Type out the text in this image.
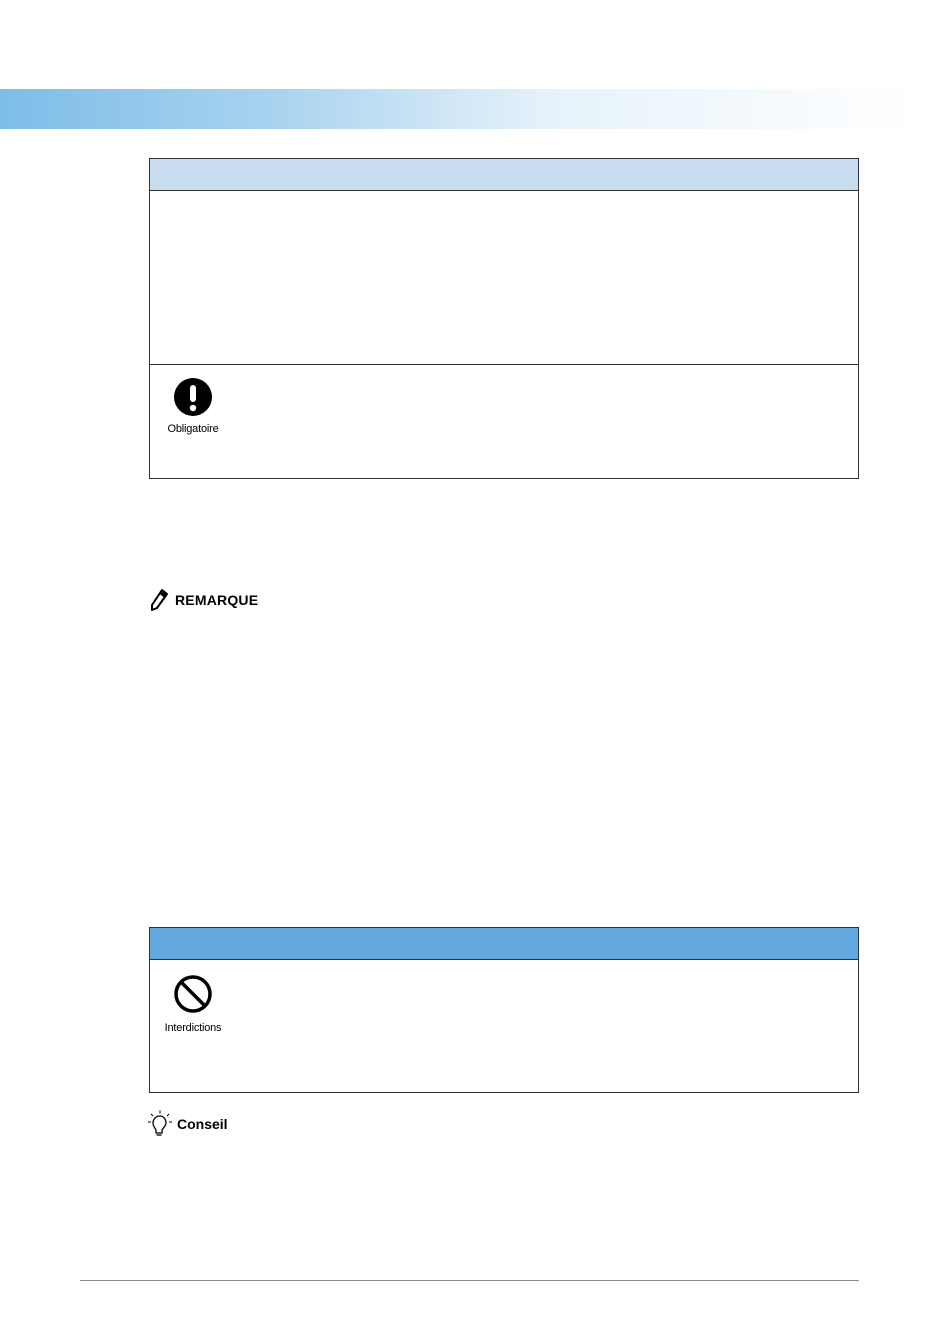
Obligatoire
REMARQUE
Interdictions
Conseil
